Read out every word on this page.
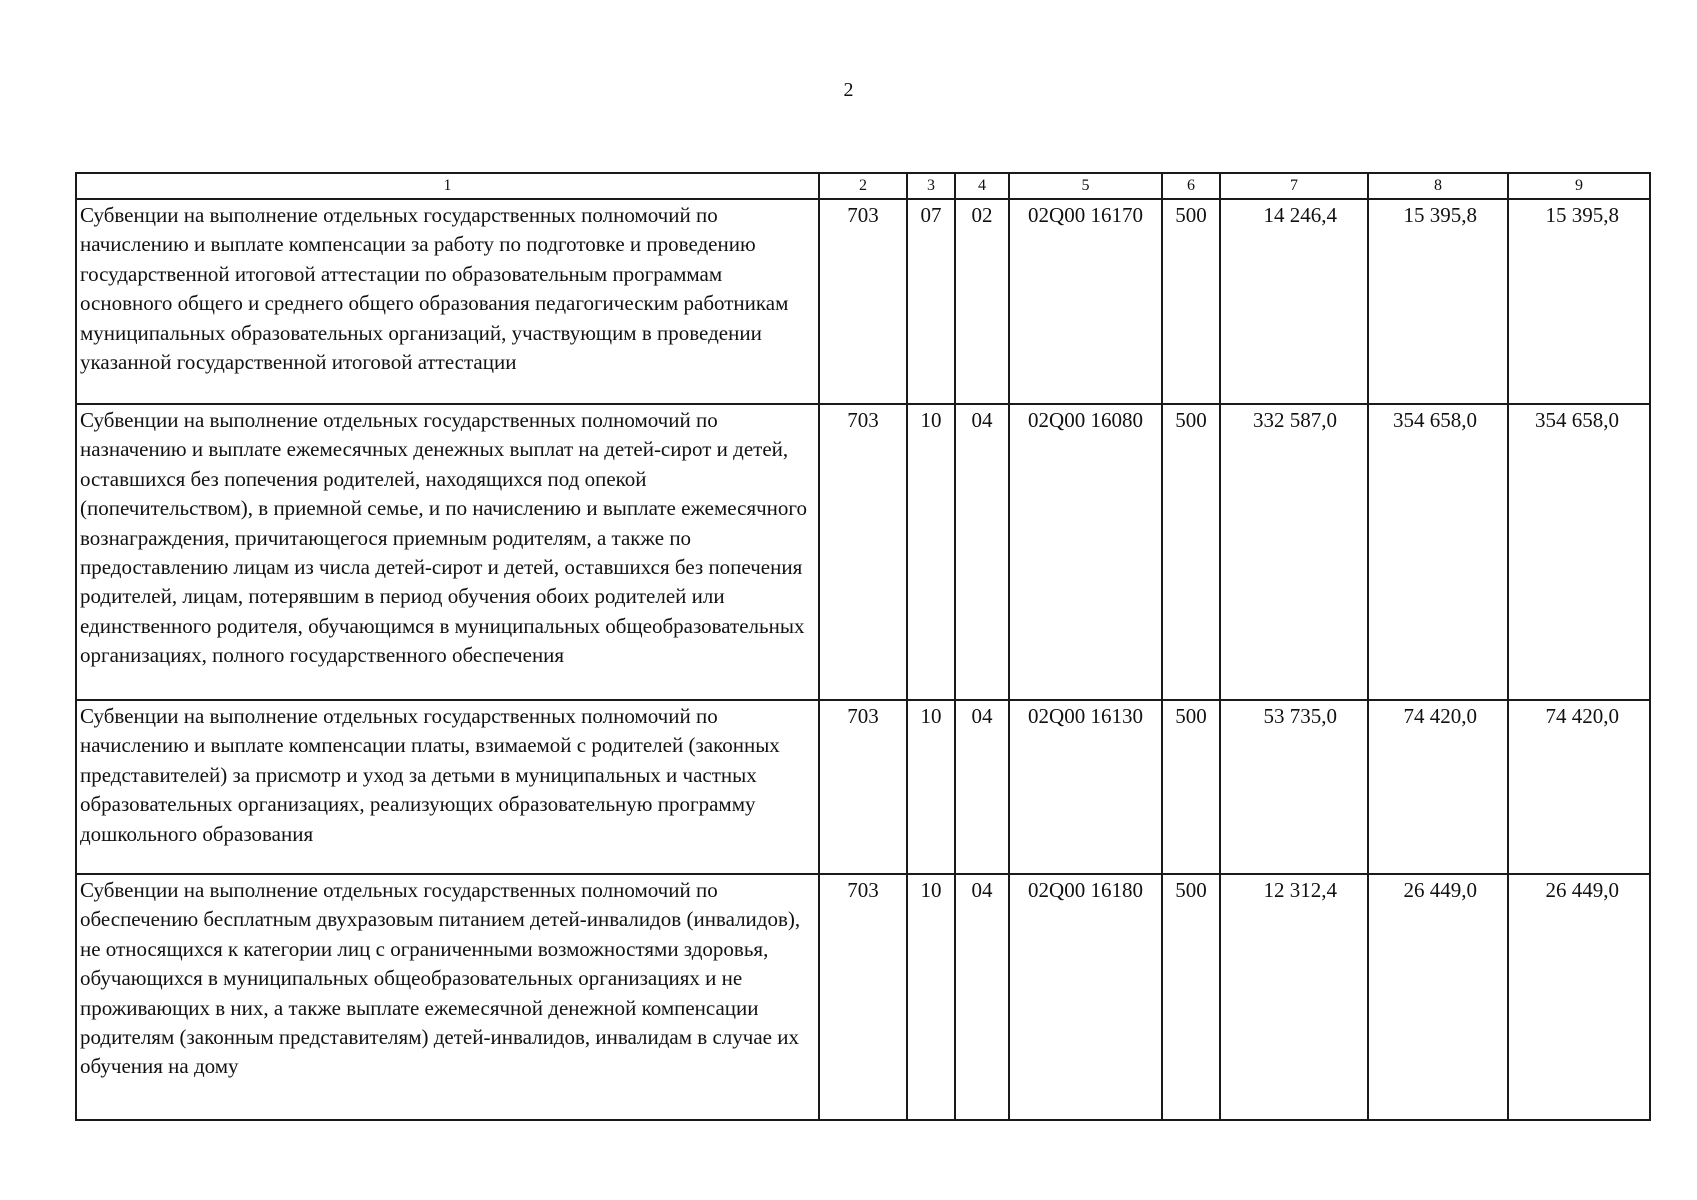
2
1	2	3	4	5	6	7	8	9
Субвенции на выполнение отдельных государственных полномочий по начислению и выплате компенсации за работу по подготовке и проведению государственной итоговой аттестации по образовательным программам основного общего и среднего общего образования педагогическим работникам муниципальных образовательных организаций, участвующим в проведении указанной государственной итоговой аттестации	703	07	02	02Q00 16170	500	14 246,4	15 395,8	15 395,8
Субвенции на выполнение отдельных государственных полномочий по назначению и выплате ежемесячных денежных выплат на детей-сирот и детей, оставшихся без попечения родителей, находящихся под опекой (попечительством), в приемной семье, и по начислению и выплате ежемесячного вознаграждения, причитающегося приемным родителям, а также по предоставлению лицам из числа детей-сирот и детей, оставшихся без попечения родителей, лицам, потерявшим в период обучения обоих родителей или единственного родителя, обучающимся в муниципальных общеобразовательных организациях, полного государственного обеспечения	703	10	04	02Q00 16080	500	332 587,0	354 658,0	354 658,0
Субвенции на выполнение отдельных государственных полномочий по начислению и выплате компенсации платы, взимаемой с родителей (законных представителей) за присмотр и уход за детьми в муниципальных и частных образовательных организациях, реализующих образовательную программу дошкольного образования	703	10	04	02Q00 16130	500	53 735,0	74 420,0	74 420,0
Субвенции на выполнение отдельных государственных полномочий по обеспечению бесплатным двухразовым питанием детей-инвалидов (инвалидов), не относящихся к категории лиц с ограниченными возможностями здоровья, обучающихся в муниципальных общеобразовательных организациях и не проживающих в них, а также выплате ежемесячной денежной компенсации родителям (законным представителям) детей-инвалидов, инвалидам в случае их обучения на дому	703	10	04	02Q00 16180	500	12 312,4	26 449,0	26 449,0
